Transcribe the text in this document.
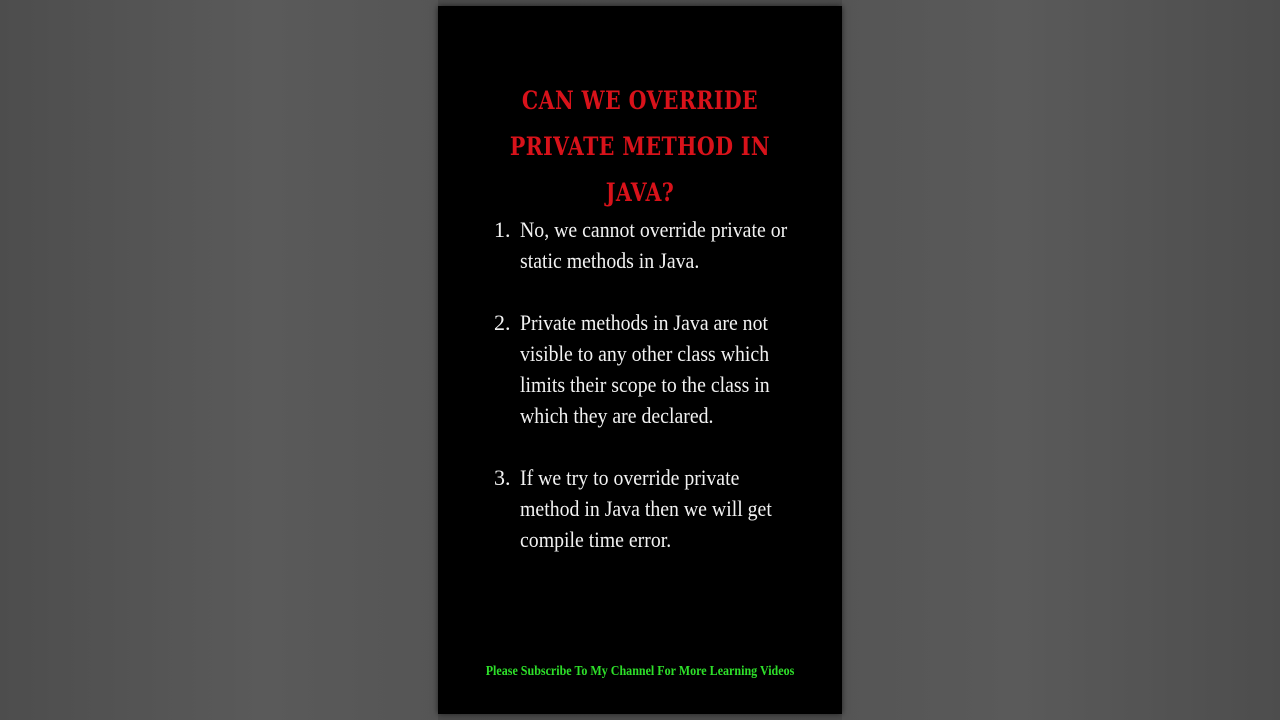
CAN WE OVERRIDE PRIVATE METHOD IN JAVA?
1. No, we cannot override private or static methods in Java.
2. Private methods in Java are not visible to any other class which limits their scope to the class in which they are declared.
3. If we try to override private method in Java then we will get compile time error.
Please Subscribe To My Channel For More Learning Videos
